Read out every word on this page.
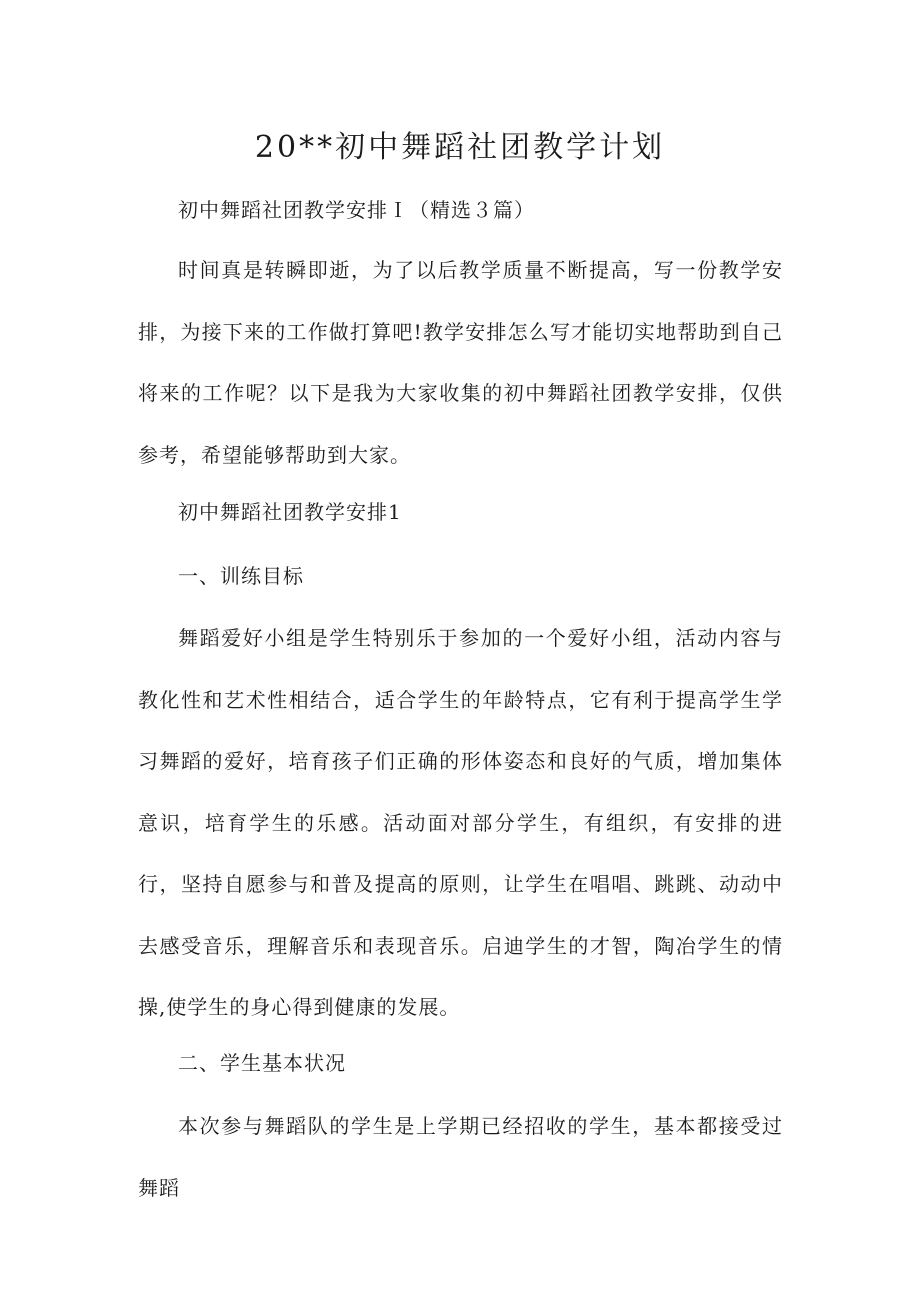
20**初中舞蹈社团教学计划

初中舞蹈社团教学安排Ｉ（精选３篇）

时间真是转瞬即逝，为了以后教学质量不断提高，写一份教学安排，为接下来的工作做打算吧!教学安排怎么写才能切实地帮助到自己将来的工作呢？以下是我为大家收集的初中舞蹈社团教学安排，仅供参考，希望能够帮助到大家。

初中舞蹈社团教学安排1

一、训练目标

舞蹈爱好小组是学生特别乐于参加的一个爱好小组，活动内容与教化性和艺术性相结合，适合学生的年龄特点，它有利于提高学生学习舞蹈的爱好，培育孩子们正确的形体姿态和良好的气质，增加集体意识，培育学生的乐感。活动面对部分学生，有组织，有安排的进行，坚持自愿参与和普及提高的原则，让学生在唱唱、跳跳、动动中去感受音乐，理解音乐和表现音乐。启迪学生的才智，陶冶学生的情操,使学生的身心得到健康的发展。

二、学生基本状况

本次参与舞蹈队的学生是上学期已经招收的学生，基本都接受过舞蹈
